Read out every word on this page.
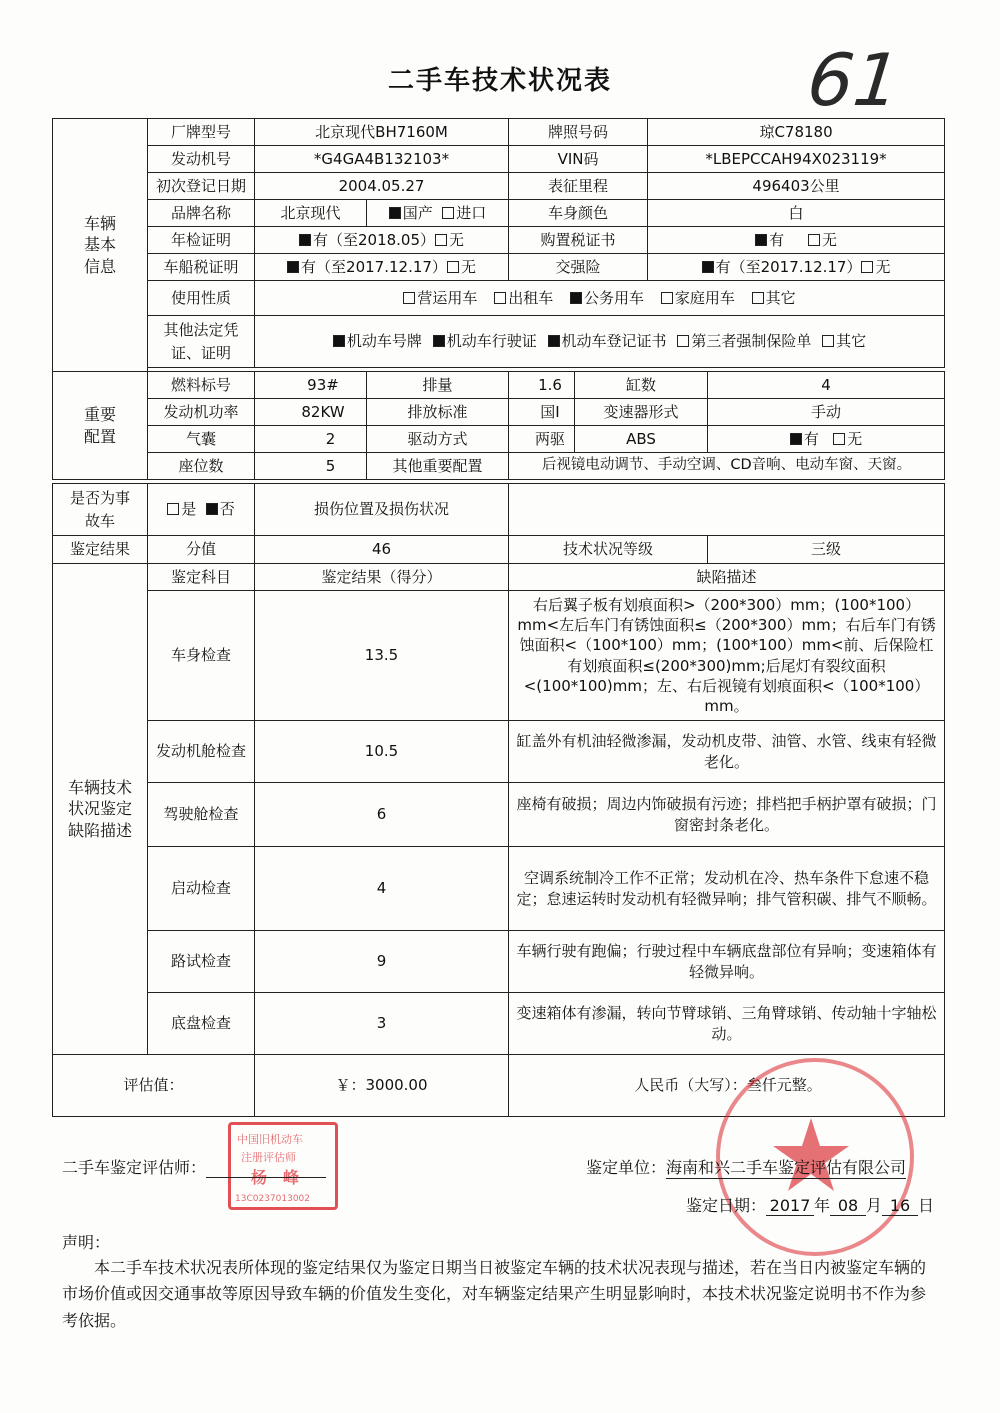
二手车技术状况表	61
车辆基本信息	厂牌型号	北京现代BH7160M		牌照号码		琼C78180	
	发动机号	*G4GA4B132103*		VIN码		*LBEPCCAH94X023119*	
	初次登记日期	2004.05.27		表征里程		496403公里	
	品牌名称	北京现代	国产 进口	车身颜色		白	
	年检证明	有（至2018.05） 无		购置税证书		有 无	
	车船税证明	有（至2017.12.17） 无		交强险		有（至2017.12.17） 无	
	使用性质	营运用车 出租车 公务用车 家庭用车 其它					
	其他法定凭证、证明	机动车号牌 机动车行驶证 机动车登记证书 第三者强制保险单 其它					

重要配置	燃料标号	93#	排量	1.6	缸数		4
	发动机功率	82KW	排放标准	国Ⅰ	变速器形式		手动
	气囊	2	驱动方式	两驱	ABS		有 无
	座位数	5	其他重要配置	后视镜电动调节、手动空调、CD音响、电动车窗、天窗。			

是否为事故车	是 否	损伤位置及损伤状况					
鉴定结果	分值	46		技术状况等级			三级
车辆技术状况鉴定缺陷描述	鉴定科目	鉴定结果（得分）		缺陷描述			
	车身检查	13.5		右后翼子板有划痕面积>（200*300）mm；(100*100）mm<左后车门有锈蚀面积≤（200*300）mm；右后车门有锈蚀面积<（100*100）mm；(100*100）mm<前、后保险杠有划痕面积≤(200*300)mm;后尾灯有裂纹面积<(100*100)mm；左、右后视镜有划痕面积<（100*100）mm。			
	发动机舱检查	10.5		缸盖外有机油轻微渗漏，发动机皮带、油管、水管、线束有轻微老化。			
	驾驶舱检查	6		座椅有破损；周边内饰破损有污迹；排档把手柄护罩有破损；门窗密封条老化。			
	启动检查	4		空调系统制冷工作不正常；发动机在冷、热车条件下怠速不稳定；怠速运转时发动机有轻微异响；排气管积碳、排气不顺畅。			
	路试检查	9		车辆行驶有跑偏；行驶过程中车辆底盘部位有异响；变速箱体有轻微异响。			
	底盘检查	3		变速箱体有渗漏，转向节臂球销、三角臂球销、传动轴十字轴松动。			
评估值：		￥：3000.00		人民币（大写）：叁仟元整。			
中国旧机动车
注册评估师
杨　峰
13C0237013002
二手车鉴定评估师：	鉴定单位：海南和兴二手车鉴定评估有限公司
鉴定日期： 2017 年 08 月 16 日
声明：
本二手车技术状况表所体现的鉴定结果仅为鉴定日期当日被鉴定车辆的技术状况表现与描述，若在当日内被鉴定车辆的市场价值或因交通事故等原因导致车辆的价值发生变化，对车辆鉴定结果产生明显影响时，本技术状况鉴定说明书不作为参考依据。
